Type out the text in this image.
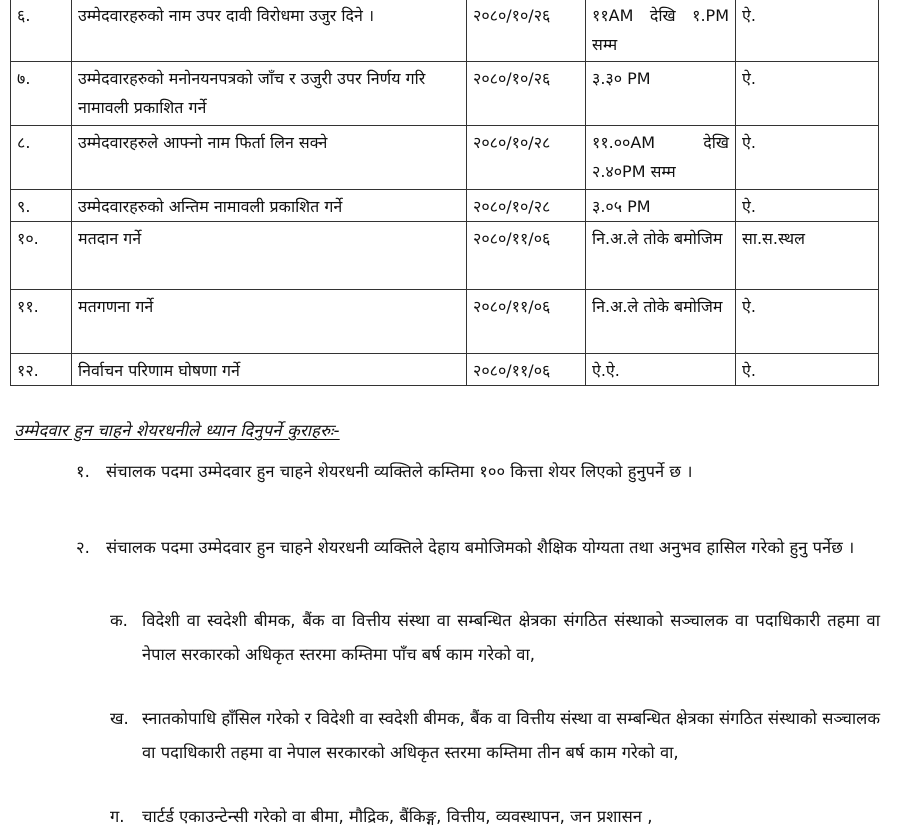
६.	उम्मेदवारहरुको नाम उपर दावी विरोधमा उजुर दिने ।	२०८०/१०/२६	११AM देखि १.PM सम्म	ऐ.
७.	उम्मेदवारहरुको मनोनयनपत्रको जाँच र उजुरी उपर निर्णय गरि नामावली प्रकाशित गर्ने	२०८०/१०/२६	३.३० PM	ऐ.
८.	उम्मेदवारहरुले आफ्नो नाम फिर्ता लिन सक्ने	२०८०/१०/२८	११.००AM देखि २.४०PM सम्म	ऐ.
९.	उम्मेदवारहरुको अन्तिम नामावली प्रकाशित गर्ने	२०८०/१०/२८	३.०५ PM	ऐ.
१०.	मतदान गर्ने	२०८०/११/०६	नि.अ.ले तोके बमोजिम	सा.स.स्थल
११.	मतगणना गर्ने	२०८०/११/०६	नि.अ.ले तोके बमोजिम	ऐ.
१२.	निर्वाचन परिणाम घोषणा गर्ने	२०८०/११/०६	ऐ.ऐ.	ऐ.
उम्मेदवार हुन चाहने शेयरधनीले ध्यान दिनुपर्ने कुराहरुः-
१. संचालक पदमा उम्मेदवार हुन चाहने शेयरधनी व्यक्तिले कम्तिमा १०० कित्ता शेयर लिएको हुनुपर्ने छ ।
२. संचालक पदमा उम्मेदवार हुन चाहने शेयरधनी व्यक्तिले देहाय बमोजिमको शैक्षिक योग्यता तथा अनुभव हासिल गरेको हुनु पर्नेछ ।
क. विदेशी वा स्वदेशी बीमक, बैंक वा वित्तीय संस्था वा सम्बन्धित क्षेत्रका संगठित संस्थाको सञ्चालक वा पदाधिकारी तहमा वा नेपाल सरकारको अधिकृत स्तरमा कम्तिमा पाँच बर्ष काम गरेको वा,
ख. स्नातकोपाधि हाँसिल गरेको र विदेशी वा स्वदेशी बीमक, बैंक वा वित्तीय संस्था वा सम्बन्धित क्षेत्रका संगठित संस्थाको सञ्चालक वा पदाधिकारी तहमा वा नेपाल सरकारको अधिकृत स्तरमा कम्तिमा तीन बर्ष काम गरेको वा,
ग. चार्टर्ड एकाउन्टेन्सी गरेको वा बीमा, मौद्रिक, बैंकिङ्ग, वित्तीय, व्यवस्थापन, जन प्रशासन ,
